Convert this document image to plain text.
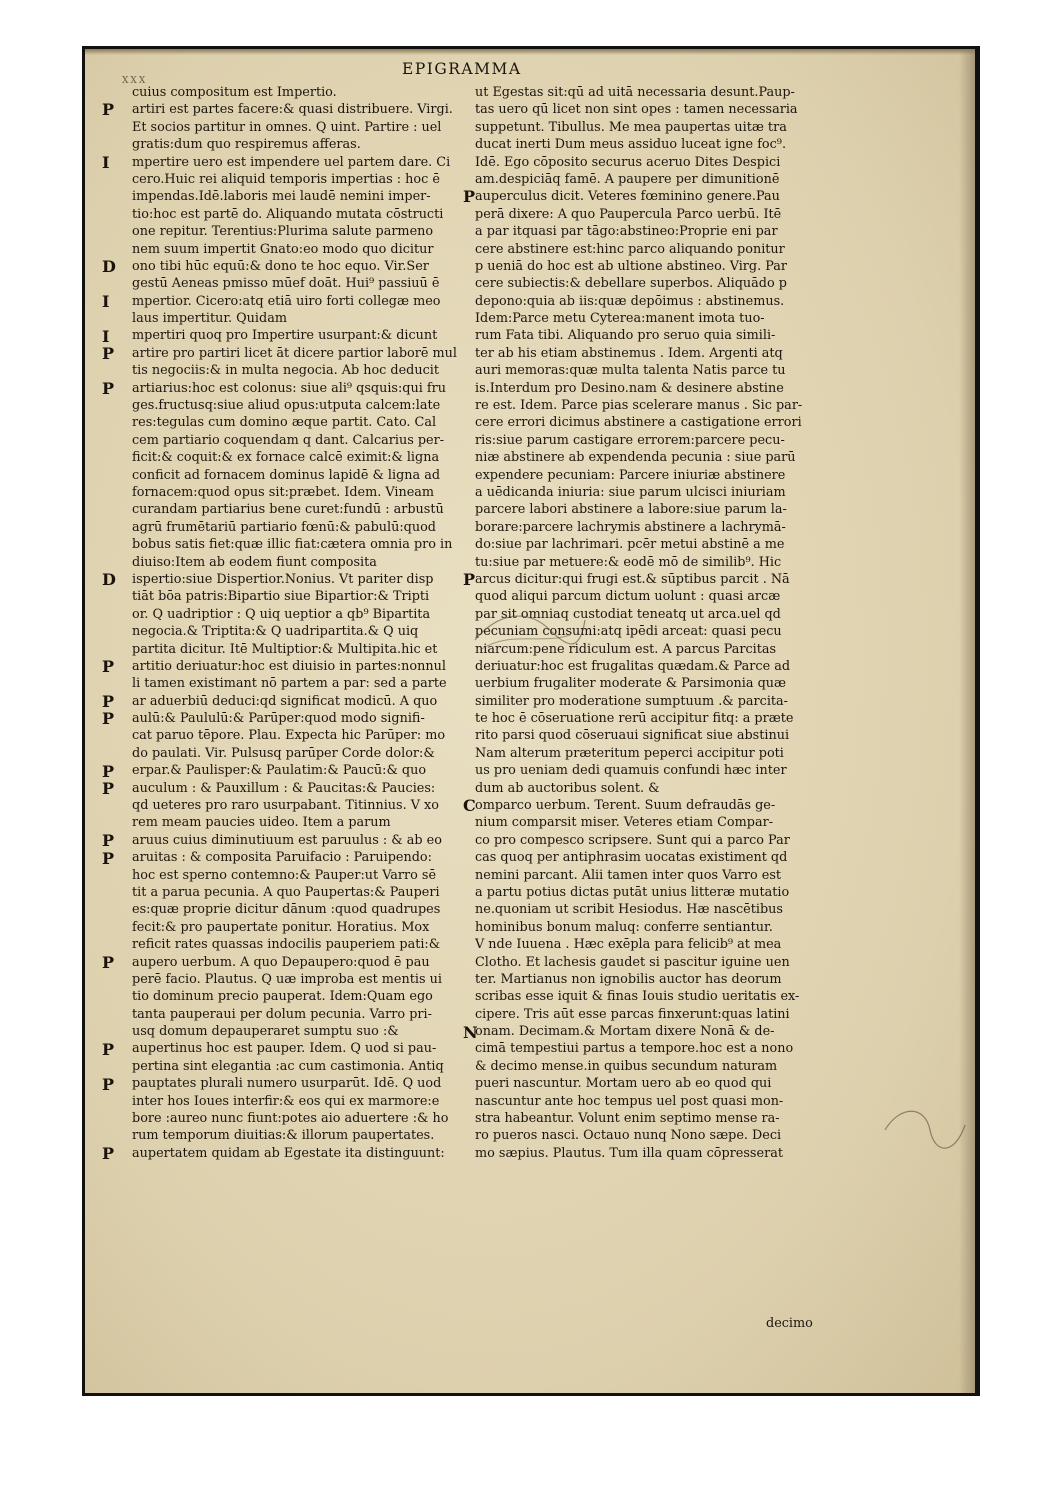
XXX
EPIGRAMMA
cuius compositum est Impertio.
artiri est partes facere:& quasi distribuere. Virgi.
Et socios partitur in omnes. Q uint. Partire : uel
gratis:dum quo respiremus afferas.
mpertire uero est impendere uel partem dare. Ci
cero.Huic rei aliquid temporis impertias : hoc ē
impendas.Idē.laboris mei laudē nemini imper-
tio:hoc est partē do. Aliquando mutata cōstructi
one repitur. Terentius:Plurima salute parmeno
nem suum impertit Gnato:eo modo quo dicitur
ono tibi hūc equū:& dono te hoc equo. Vir.Ser
gestū Aeneas pmisso mūef doāt. Hui⁹ passiuū ē
mpertior. Cicero:atq etiā uiro forti collegæ meo
laus impertitur. Quidam
mpertiri quoq pro Impertire usurpant:& dicunt
artire pro partiri licet āt dicere partior laborē mul
tis negociis:& in multa negocia. Ab hoc deducit
artiarius:hoc est colonus: siue ali⁹ qsquis:qui fru
ges.fructusq:siue aliud opus:utputa calcem:late
res:tegulas cum domino æque partit. Cato. Cal
cem partiario coquendam q dant. Calcarius per-
ficit:& coquit:& ex fornace calcē eximit:& ligna
conficit ad fornacem dominus lapidē & ligna ad
fornacem:quod opus sit:præbet. Idem. Vineam
curandam partiarius bene curet:fundū : arbustū
agrū frumētariū partiario fœnū:& pabulū:quod
bobus satis fiet:quæ illic fiat:cætera omnia pro in
diuiso:Item ab eodem fiunt composita
ispertio:siue Dispertior.Nonius. Vt pariter disp
tiāt bōa patris:Bipartio siue Bipartior:& Tripti
or. Q uadriptior : Q uiq ueptior a qb⁹ Bipartita
negocia.& Triptita:& Q uadripartita.& Q uiq
partita dicitur. Itē Multiptior:& Multipita.hic et
artitio deriuatur:hoc est diuisio in partes:nonnul
li tamen existimant nō partem a par: sed a parte
ar aduerbiū deduci:qd significat modicū. A quo
aulū:& Paululū:& Parūper:quod modo signifi-
cat paruo tēpore. Plau. Expecta hic Parūper: mo
do paulati. Vir. Pulsusq parūper Corde dolor:&
erpar.& Paulisper:& Paulatim:& Paucū:& quo
auculum : & Pauxillum : & Paucitas:& Paucies:
qd ueteres pro raro usurpabant. Titinnius. V xo
rem meam paucies uideo. Item a parum
aruus cuius diminutiuum est paruulus : & ab eo
aruitas : & composita Paruifacio : Paruipendo:
hoc est sperno contemno:& Pauper:ut Varro sē
tit a parua pecunia. A quo Paupertas:& Pauperi
es:quæ proprie dicitur dānum :quod quadrupes
fecit:& pro paupertate ponitur. Horatius. Mox
reficit rates quassas indocilis pauperiem pati:&
aupero uerbum. A quo Depaupero:quod ē pau
perē facio. Plautus. Q uæ improba est mentis ui
tio dominum precio pauperat. Idem:Quam ego
tanta pauperaui per dolum pecunia. Varro pri-
usq domum depauperaret sumptu suo :&
aupertinus hoc est pauper. Idem. Q uod si pau-
pertina sint elegantia :ac cum castimonia. Antiq
pauptates plurali numero usurparūt. Idē. Q uod
inter hos Ioues interfir:& eos qui ex marmore:e
bore :aureo nunc fiunt:potes aio aduertere :& ho
rum temporum diuitias:& illorum paupertates.
aupertatem quidam ab Egestate ita distinguunt:
ut Egestas sit:qū ad uitā necessaria desunt.Paup-
tas uero qū licet non sint opes : tamen necessaria
suppetunt. Tibullus. Me mea paupertas uitæ tra
ducat inerti Dum meus assiduo luceat igne foc⁹.
Idē. Ego cōposito securus aceruo Dites Despici
am.despiciāq famē. A paupere per dimunitionē
auperculus dicit. Veteres fœminino genere.Pau
perā dixere: A quo Paupercula Parco uerbū. Itē
a par itquasi par tāgo:abstineo:Proprie eni par
cere abstinere est:hinc parco aliquando ponitur
p ueniā do hoc est ab ultione abstineo. Virg. Par
cere subiectis:& debellare superbos. Aliquādo p
depono:quia ab iis:quæ depōimus : abstinemus.
Idem:Parce metu Cyterea:manent imota tuo-
rum Fata tibi. Aliquando pro seruo quia simili-
ter ab his etiam abstinemus . Idem. Argenti atq
auri memoras:quæ multa talenta Natis parce tu
is.Interdum pro Desino.nam & desinere abstine
re est. Idem. Parce pias scelerare manus . Sic par-
cere errori dicimus abstinere a castigatione errori
ris:siue parum castigare errorem:parcere pecu-
niæ abstinere ab expendenda pecunia : siue parū
expendere pecuniam: Parcere iniuriæ abstinere
a uēdicanda iniuria: siue parum ulcisci iniuriam
parcere labori abstinere a labore:siue parum la-
borare:parcere lachrymis abstinere a lachrymā-
do:siue par lachrimari. pcēr metui abstinē a me
tu:siue par metuere:& eodē mō de similib⁹. Hic
arcus dicitur:qui frugi est.& sūptibus parcit . Nā
quod aliqui parcum dictum uolunt : quasi arcæ
par sit omniaq custodiat teneatq ut arca.uel qd
pecuniam consumi:atq ipēdi arceat: quasi pecu
niarcum:pene ridiculum est. A parcus Parcitas
deriuatur:hoc est frugalitas quædam.& Parce ad
uerbium frugaliter moderate & Parsimonia quæ
similiter pro moderatione sumptuum .& parcita-
te hoc ē cōseruatione rerū accipitur fitq: a præte
rito parsi quod cōseruaui significat siue abstinui
Nam alterum præteritum peperci accipitur poti
us pro ueniam dedi quamuis confundi hæc inter
dum ab auctoribus solent. &
omparco uerbum. Terent. Suum defraudās ge-
nium comparsit miser. Veteres etiam Compar-
co pro compesco scripsere. Sunt qui a parco Par
cas quoq per antiphrasim uocatas existiment qd
nemini parcant. Alii tamen inter quos Varro est
a partu potius dictas putāt unius litteræ mutatio
ne.quoniam ut scribit Hesiodus. Hæ nascētibus
hominibus bonum maluq: conferre sentiantur.
V nde Iuuena . Hæc exēpla para felicib⁹ at mea
Clotho. Et lachesis gaudet si pascitur iguine uen
ter. Martianus non ignobilis auctor has deorum
scribas esse iquit & finas Iouis studio ueritatis ex-
cipere. Tris aūt esse parcas finxerunt:quas latini
onam. Decimam.& Mortam dixere Nonā & de-
cimā tempestiui partus a tempore.hoc est a nono
& decimo mense.in quibus secundum naturam
pueri nascuntur. Mortam uero ab eo quod qui
nascuntur ante hoc tempus uel post quasi mon-
stra habeantur. Volunt enim septimo mense ra-
ro pueros nasci. Octauo nunq Nono sæpe. Deci
mo sæpius. Plautus. Tum illa quam cōpresserat
P
I
D
I
I
P
P
D
P
P
P
P
P
P
P
P
P
P
P
P
P
C
N
decimo
